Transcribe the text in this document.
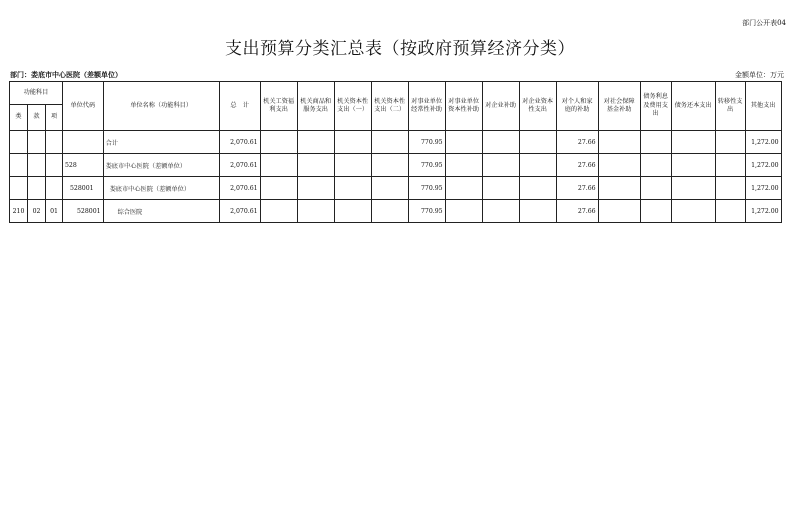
部门公开表04
支出预算分类汇总表（按政府预算经济分类）
部门：娄底市中心医院（差额单位）	金额单位：万元
功能科目			单位代码	单位名称（功能科目）	总　计	机关工资福利支出	机关商品和服务支出	机关资本性支出（一）	机关资本性支出（二）	对事业单位经常性补助	对事业单位资本性补助	对企业补助	对企业资本性支出	对个人和家庭的补助	对社会保障基金补助	债务利息及费用支出	债务还本支出	转移性支出	其他支出
类	款	项																	
				合计	2,070.61					770.95				27.66					1,272.00
			528	娄底市中心医院（差额单位）	2,070.61					770.95				27.66					1,272.00
			528001	娄底市中心医院（差额单位）	2,070.61					770.95				27.66					1,272.00
210	02	01	528001	综合医院	2,070.61					770.95				27.66					1,272.00
